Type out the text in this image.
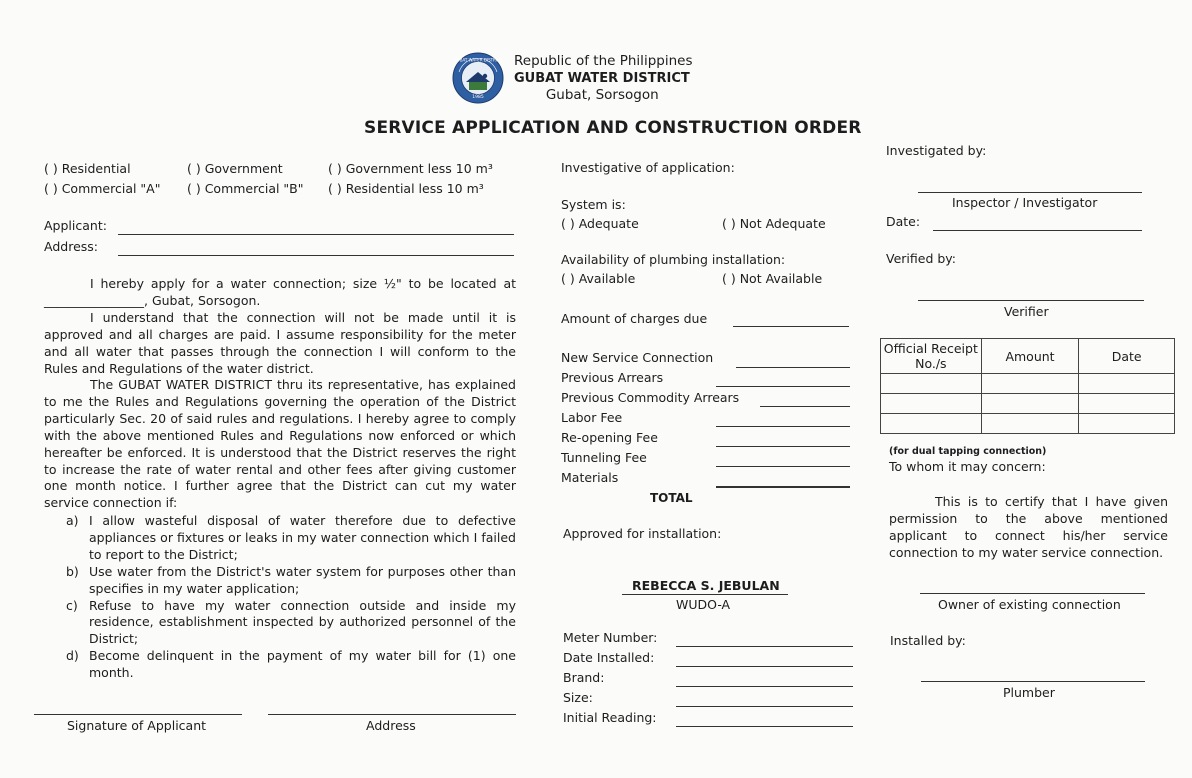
1985
GUBAT WATER DISTRICT Republic of the Philippines
GUBAT WATER DISTRICT
Gubat, Sorsogon
SERVICE APPLICATION AND CONSTRUCTION ORDER
( ) Residential	( ) Government	( ) Government less 10 m³
( ) Commercial "A" ( ) Commercial "B" ( ) Residential less 10 m³
Applicant:
Address:
I hereby apply for a water connection; size ½" to be located at ________________, Gubat, Sorsogon.
I understand that the connection will not be made until it is approved and all charges are paid. I assume responsibility for the meter and all water that passes through the connection I will conform to the Rules and Regulations of the water district.
The GUBAT WATER DISTRICT thru its representative, has explained to me the Rules and Regulations governing the operation of the District particularly Sec. 20 of said rules and regulations. I hereby agree to comply with the above mentioned Rules and Regulations now enforced or which hereafter be enforced. It is understood that the District reserves the right to increase the rate of water rental and other fees after giving customer one month notice. I further agree that the District can cut my water service connection if:
a) I allow wasteful disposal of water therefore due to defective appliances or fixtures or leaks in my water connection which I failed to report to the District;
b) Use water from the District's water system for purposes other than specifies in my water application;
c) Refuse to have my water connection outside and inside my residence, establishment inspected by authorized personnel of the District;
d) Become delinquent in the payment of my water bill for (1) one month.
Signature of Applicant	Address
Investigative of application:
System is:
( ) Adequate	( ) Not Adequate
Availability of plumbing installation:
( ) Available	( ) Not Available
Amount of charges due
New Service Connection
Previous Arrears
Previous Commodity Arrears
Labor Fee
Re-opening Fee
Tunneling Fee
Materials
TOTAL
Approved for installation:
REBECCA S. JEBULAN
WUDO-A
Meter Number:
Date Installed:
Brand:
Size:
Initial Reading:
Investigated by:
Inspector / Investigator
Date:
Verified by:
Verifier
Official Receipt No./s	Amount	Date

(for dual tapping connection)
To whom it may concern:
This is to certify that I have given permission to the above mentioned applicant to connect his/her service connection to my water service connection.
Owner of existing connection
Installed by:
Plumber
